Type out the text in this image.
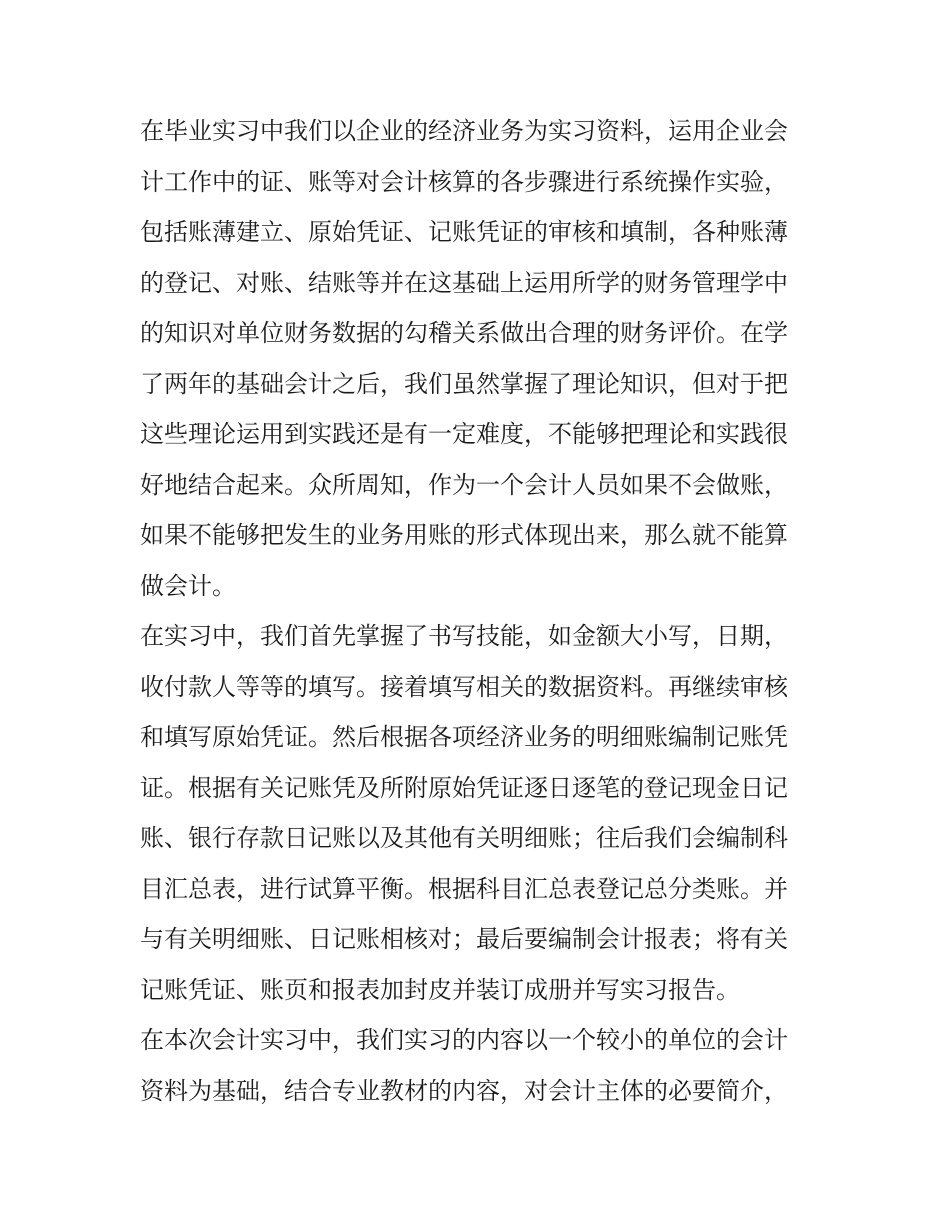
在毕业实习中我们以企业的经济业务为实习资料，运用企业会
计工作中的证、账等对会计核算的各步骤进行系统操作实验，
包括账薄建立、原始凭证、记账凭证的审核和填制，各种账薄
的登记、对账、结账等并在这基础上运用所学的财务管理学中
的知识对单位财务数据的勾稽关系做出合理的财务评价。在学
了两年的基础会计之后，我们虽然掌握了理论知识，但对于把
这些理论运用到实践还是有一定难度，不能够把理论和实践很
好地结合起来。众所周知，作为一个会计人员如果不会做账，
如果不能够把发生的业务用账的形式体现出来，那么就不能算
做会计。
在实习中，我们首先掌握了书写技能，如金额大小写，日期，
收付款人等等的填写。接着填写相关的数据资料。再继续审核
和填写原始凭证。然后根据各项经济业务的明细账编制记账凭
证。根据有关记账凭及所附原始凭证逐日逐笔的登记现金日记
账、银行存款日记账以及其他有关明细账；往后我们会编制科
目汇总表，进行试算平衡。根据科目汇总表登记总分类账。并
与有关明细账、日记账相核对；最后要编制会计报表；将有关
记账凭证、账页和报表加封皮并装订成册并写实习报告。
在本次会计实习中，我们实习的内容以一个较小的单位的会计
资料为基础，结合专业教材的内容，对会计主体的必要简介，
